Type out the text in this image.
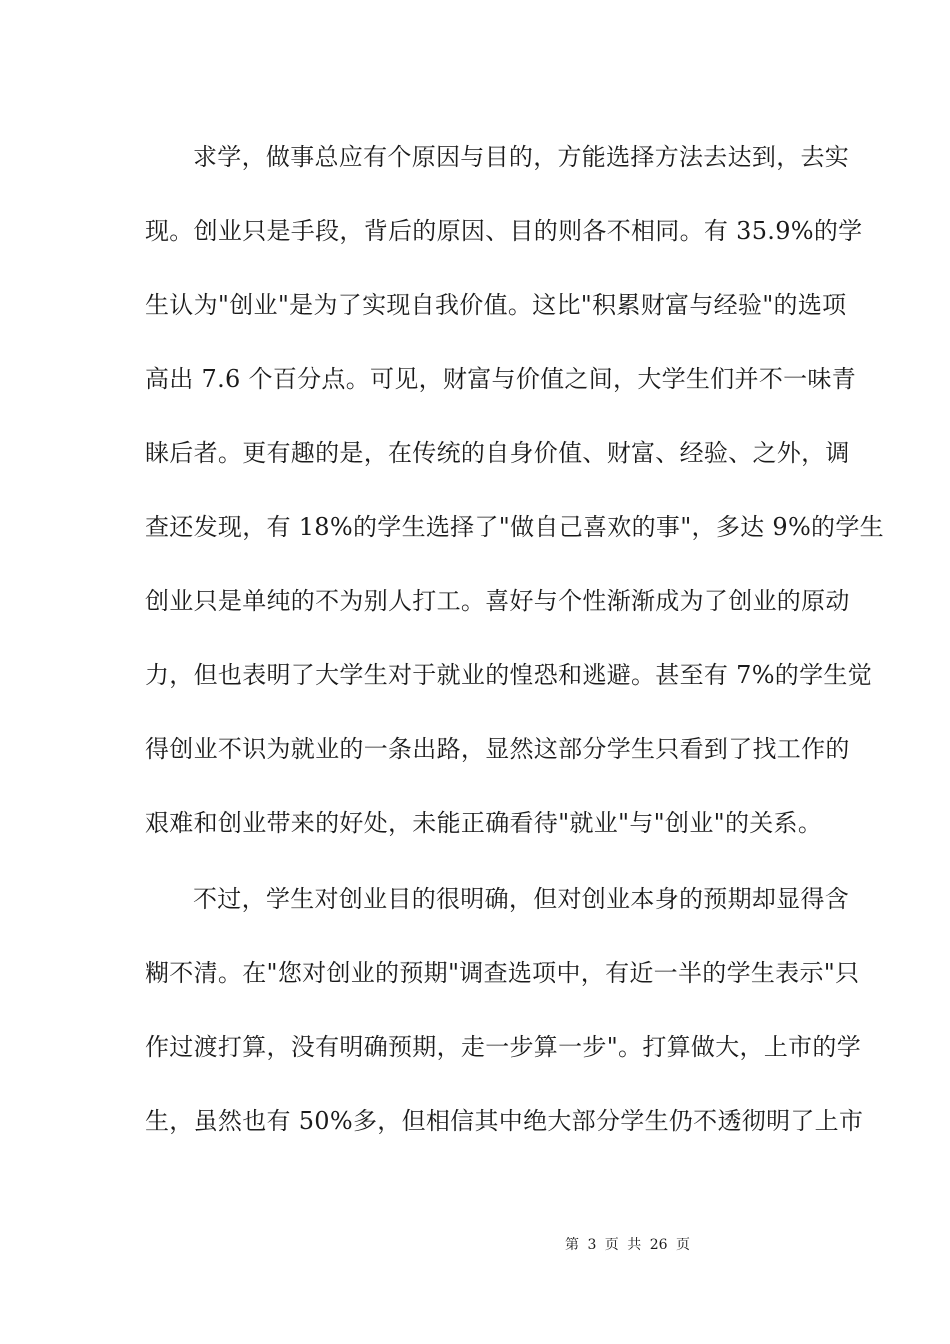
求学，做事总应有个原因与目的，方能选择方法去达到，去实
现。创业只是手段，背后的原因、目的则各不相同。有 35.9%的学
生认为"创业"是为了实现自我价值。这比"积累财富与经验"的选项
高出 7.6 个百分点。可见，财富与价值之间，大学生们并不一味青
睐后者。更有趣的是，在传统的自身价值、财富、经验、之外，调
查还发现，有 18%的学生选择了"做自己喜欢的事"，多达 9%的学生
创业只是单纯的不为别人打工。喜好与个性渐渐成为了创业的原动
力，但也表明了大学生对于就业的惶恐和逃避。甚至有 7%的学生觉
得创业不识为就业的一条出路，显然这部分学生只看到了找工作的
艰难和创业带来的好处，未能正确看待"就业"与"创业"的关系。
不过，学生对创业目的很明确，但对创业本身的预期却显得含
糊不清。在"您对创业的预期"调查选项中，有近一半的学生表示"只
作过渡打算，没有明确预期，走一步算一步"。打算做大，上市的学
生，虽然也有 50%多，但相信其中绝大部分学生仍不透彻明了上市
第 3 页 共 26 页
